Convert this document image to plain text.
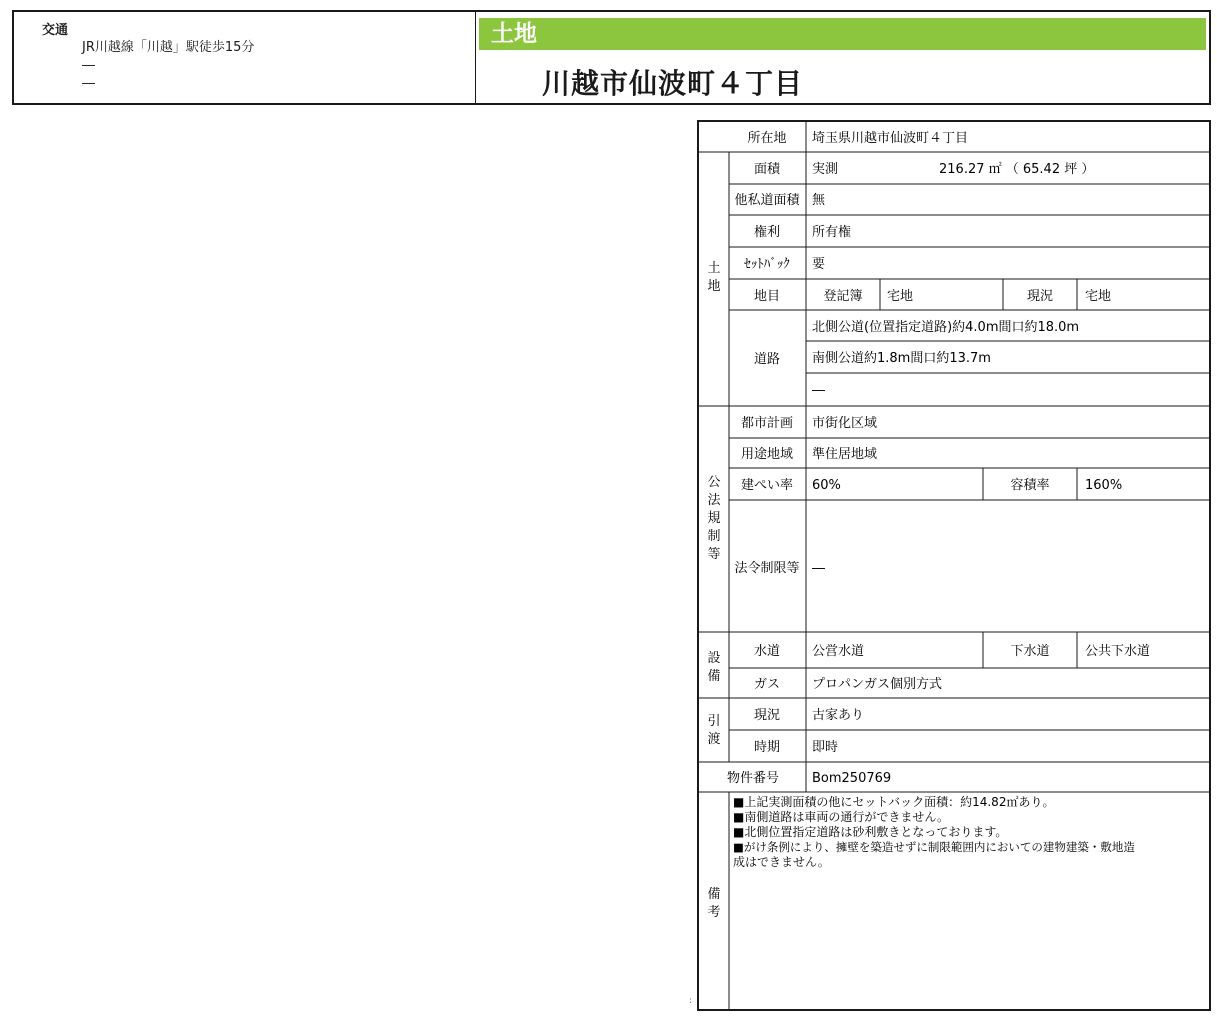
交通
JR川越線「川越」駅徒歩15分
―
―
土地
川越市仙波町４丁目
所在地 埼玉県川越市仙波町４丁目
土地
面積 実測	216.27 ㎡ （ 65.42 坪 ）
他私道面積 無
権利 所有権
ｾｯﾄﾊﾞｯｸ 要
地目	登記簿 宅地	現況 宅地
道路
北側公道(位置指定道路)約4.0m間口約18.0m
南側公道約1.8m間口約13.7m
―
公
法
規
制
等
都市計画 市街化区域
用途地域 準住居地域
建ぺい率 60%	容積率	160%
法令制限等 ―
設
備
水道 公営水道	下水道	公共下水道
ガス プロパンガス個別方式
引
渡
現況 古家あり
時期 即時
物件番号	Bom250769
備
考
■上記実測面積の他にセットバック面積：約14.82㎡あり。
■南側道路は車両の通行ができません。
■北側位置指定道路は砂利敷きとなっております。
■がけ条例により、擁壁を築造せずに制限範囲内においての建物建築・敷地造
成はできません。
:
